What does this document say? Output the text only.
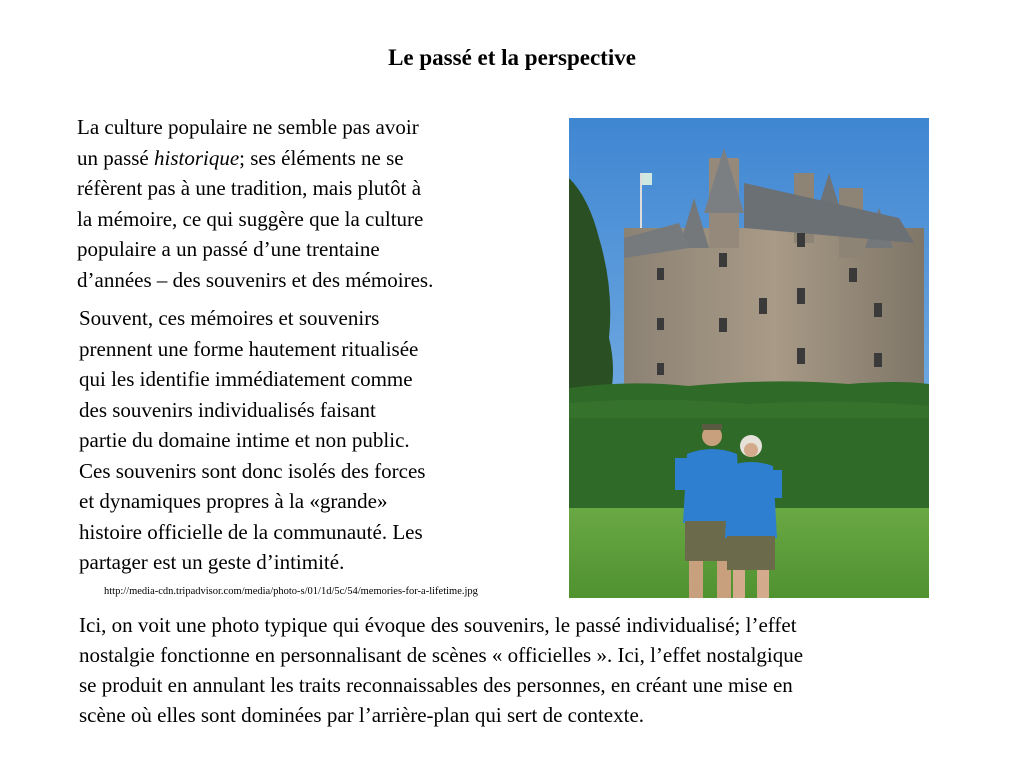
Le passé et la perspective
La culture populaire ne semble pas avoir
un passé historique; ses éléments ne se
réfèrent pas à une tradition, mais plutôt à
la mémoire, ce qui suggère que la culture
populaire a un passé d’une trentaine
d’années – des souvenirs et des mémoires.
Souvent, ces mémoires et souvenirs
prennent une forme hautement ritualisée
qui les identifie immédiatement comme
des souvenirs individualisés faisant
partie du domaine intime et non public.
Ces souvenirs sont donc isolés des forces
et dynamiques propres à la «grande»
histoire officielle de la communauté. Les
partager est un geste d’intimité.
http://media-cdn.tripadvisor.com/media/photo-s/01/1d/5c/54/memories-for-a-lifetime.jpg
Ici, on voit une photo typique qui évoque des souvenirs, le passé individualisé; l’effet
nostalgie fonctionne en personnalisant de scènes « officielles ». Ici, l’effet nostalgique
se produit en annulant les traits reconnaissables des personnes, en créant une mise en
scène où elles sont dominées par l’arrière-plan qui sert de contexte.
